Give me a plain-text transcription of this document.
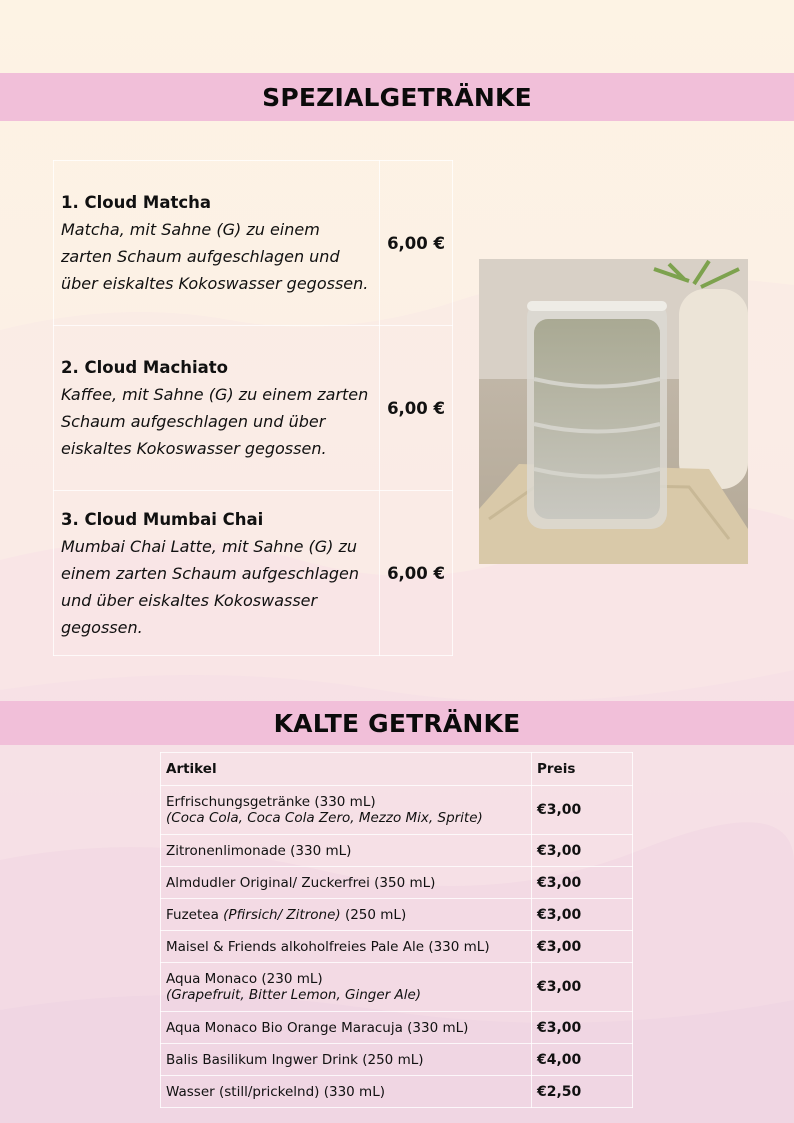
SPEZIALGETRÄNKE
1. Cloud Matcha
Matcha, mit Sahne (G) zu einem zarten Schaum aufgeschlagen und über eiskaltes Kokoswasser gegossen.	6,00 €

2. Cloud Machiato
Kaffee, mit Sahne (G) zu einem zarten Schaum aufgeschlagen und über eiskaltes Kokoswasser gegossen.	6,00 €

3. Cloud Mumbai Chai
Mumbai Chai Latte, mit Sahne (G) zu einem zarten Schaum aufgeschlagen und über eiskaltes Kokoswasser gegossen.	6,00 €
KALTE GETRÄNKE
Artikel	Preis
Erfrischungsgetränke (330 mL)
(Coca Cola, Coca Cola Zero, Mezzo Mix, Sprite)	€3,00
Zitronenlimonade (330 mL)	€3,00
Almdudler Original/ Zuckerfrei (350 mL)	€3,00
Fuzetea (Pfirsich/ Zitrone) (250 mL)	€3,00
Maisel & Friends alkoholfreies Pale Ale (330 mL)	€3,00
Aqua Monaco (230 mL)
(Grapefruit, Bitter Lemon, Ginger Ale)	€3,00
Aqua Monaco Bio Orange Maracuja (330 mL)	€3,00
Balis Basilikum Ingwer Drink (250 mL)	€4,00
Wasser (still/prickelnd) (330 mL)	€2,50
